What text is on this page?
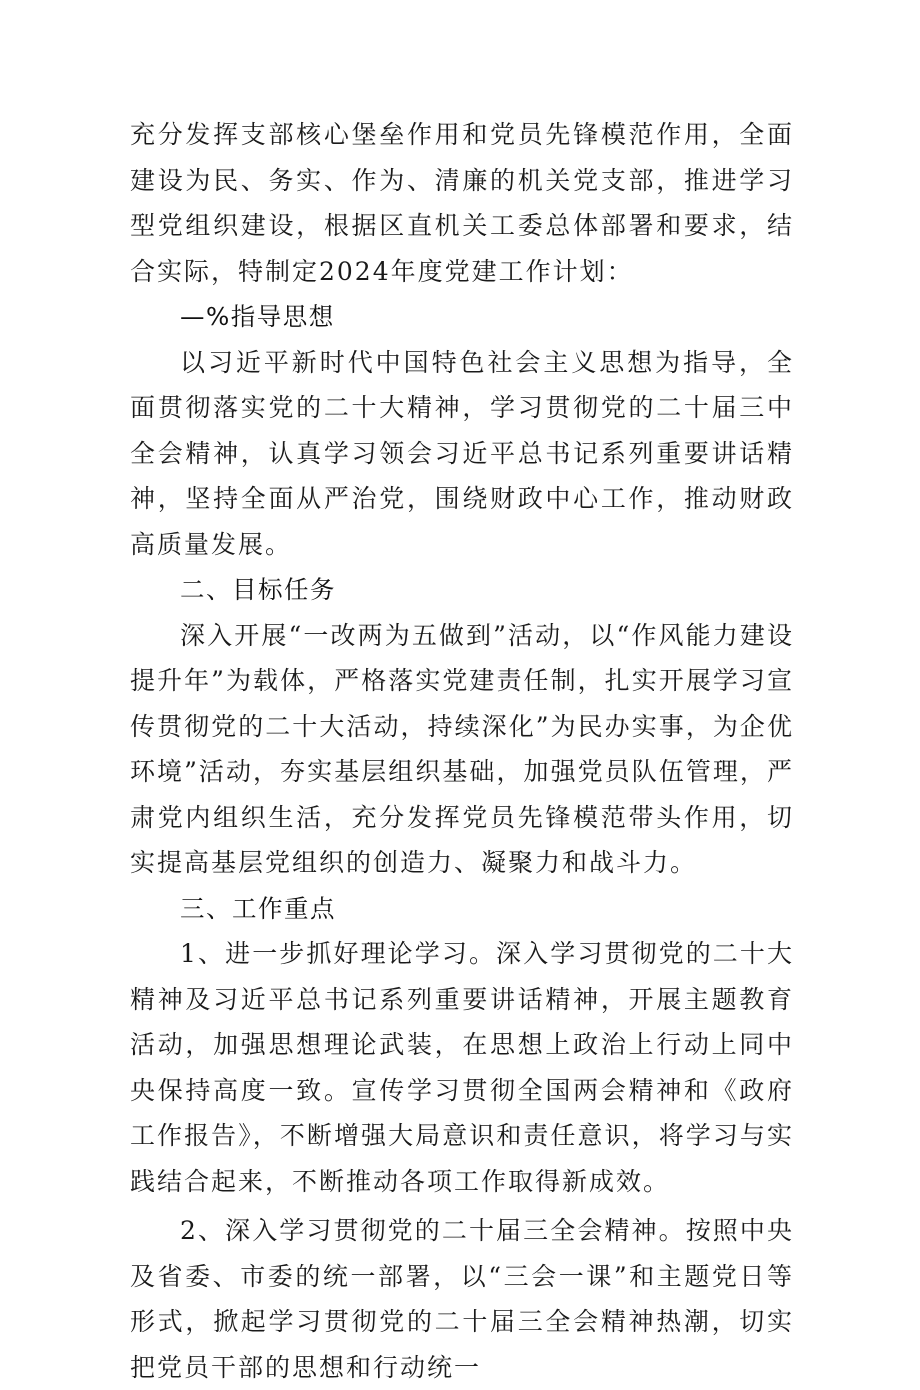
充分发挥支部核心堡垒作用和党员先锋模范作用，全面建设为民、务实、作为、清廉的机关党支部，推进学习型党组织建设，根据区直机关工委总体部署和要求，结合实际，特制定2024年度党建工作计划：

—%指导思想

以习近平新时代中国特色社会主义思想为指导，全面贯彻落实党的二十大精神，学习贯彻党的二十届三中全会精神，认真学习领会习近平总书记系列重要讲话精神，坚持全面从严治党，围绕财政中心工作，推动财政高质量发展。

二、目标任务

深入开展“一改两为五做到”活动，以“作风能力建设提升年”为载体，严格落实党建责任制，扎实开展学习宣传贯彻党的二十大活动，持续深化”为民办实事，为企优环境”活动，夯实基层组织基础，加强党员队伍管理，严肃党内组织生活，充分发挥党员先锋模范带头作用，切实提高基层党组织的创造力、凝聚力和战斗力。

三、工作重点

1、进一步抓好理论学习。深入学习贯彻党的二十大精神及习近平总书记系列重要讲话精神，开展主题教育活动，加强思想理论武装，在思想上政治上行动上同中央保持高度一致。宣传学习贯彻全国两会精神和《政府工作报告》，不断增强大局意识和责任意识，将学习与实践结合起来，不断推动各项工作取得新成效。

2、深入学习贯彻党的二十届三全会精神。按照中央及省委、市委的统一部署，以“三会一课”和主题党日等形式，掀起学习贯彻党的二十届三全会精神热潮，切实把党员干部的思想和行动统一
